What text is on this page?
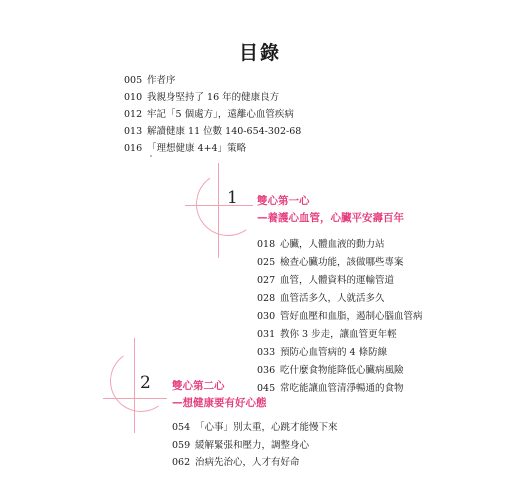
目錄
005 作者序
010 我親身堅持了 16 年的健康良方
012 牢記「5 個處方」，遠離心血管疾病
013 解讀健康 11 位數 140-654-302-68
016 「理想健康 4+4」策略
1 雙心第一心
—養護心血管，心臟平安壽百年
018 心臟，人體血液的動力站
025 檢查心臟功能，該做哪些專案
027 血管，人體資料的運輸管道
028 血管活多久，人就活多久
030 管好血壓和血脂，遏制心腦血管病
031 教你 3 步走，讓血管更年輕
033 預防心血管病的 4 條防線
036 吃什麼食物能降低心臟病風險
045 常吃能讓血管清淨暢通的食物
2 雙心第二心
—想健康要有好心態
054 「心事」別太重，心跳才能慢下來
059 緩解緊張和壓力，調整身心
062 治病先治心，人才有好命
